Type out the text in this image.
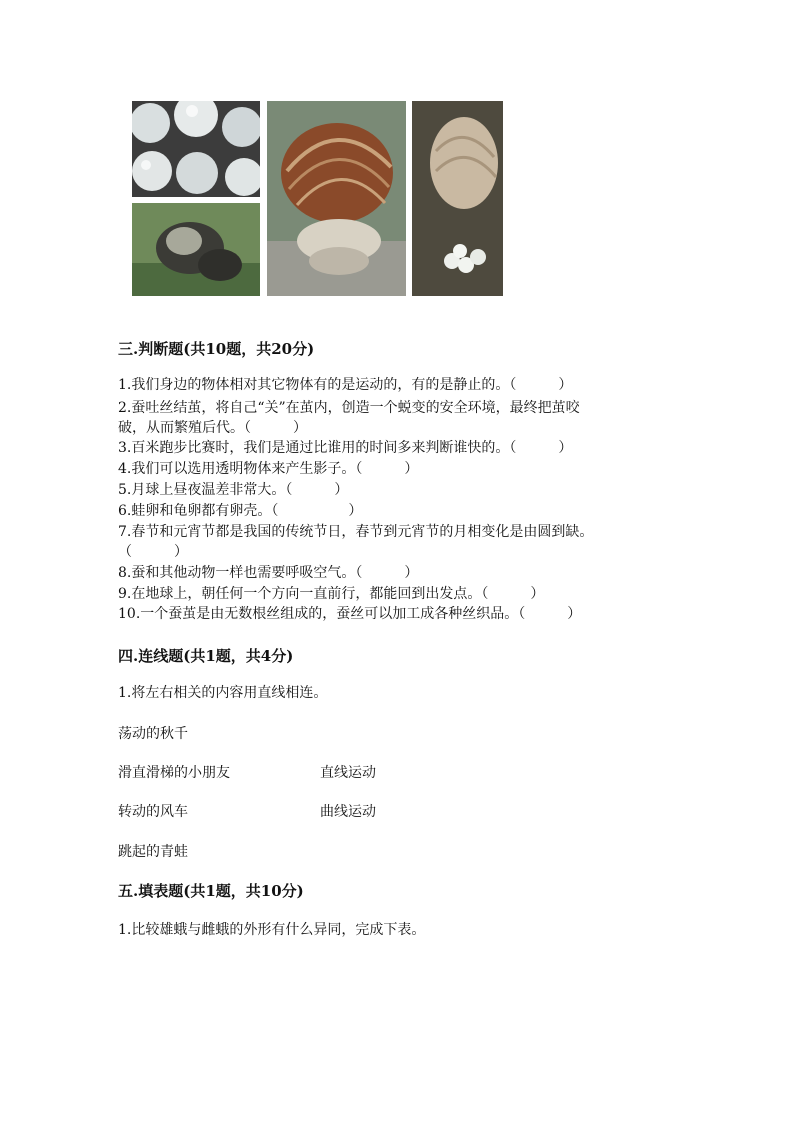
三.判断题(共10题，共20分)
1.我们身边的物体相对其它物体有的是运动的，有的是静止的。（　　　）
2.蚕吐丝结茧，将自己“关”在茧内，创造一个蜕变的安全环境，最终把茧咬
破，从而繁殖后代。（　　　）
3.百米跑步比赛时，我们是通过比谁用的时间多来判断谁快的。（　　　）
4.我们可以选用透明物体来产生影子。（　　　）
5.月球上昼夜温差非常大。（　　　）
6.蛙卵和龟卵都有卵壳。（　　　　　）
7.春节和元宵节都是我国的传统节日，春节到元宵节的月相变化是由圆到缺。
（　　　）
8.蚕和其他动物一样也需要呼吸空气。（　　　）
9.在地球上，朝任何一个方向一直前行，都能回到出发点。（　　　）
10.一个蚕茧是由无数根丝组成的，蚕丝可以加工成各种丝织品。（　　　）
四.连线题(共1题，共4分)
1.将左右相关的内容用直线相连。
荡动的秋千
滑直滑梯的小朋友	直线运动
转动的风车	曲线运动
跳起的青蛙
五.填表题(共1题，共10分)
1.比较雄蛾与雌蛾的外形有什么异同，完成下表。
